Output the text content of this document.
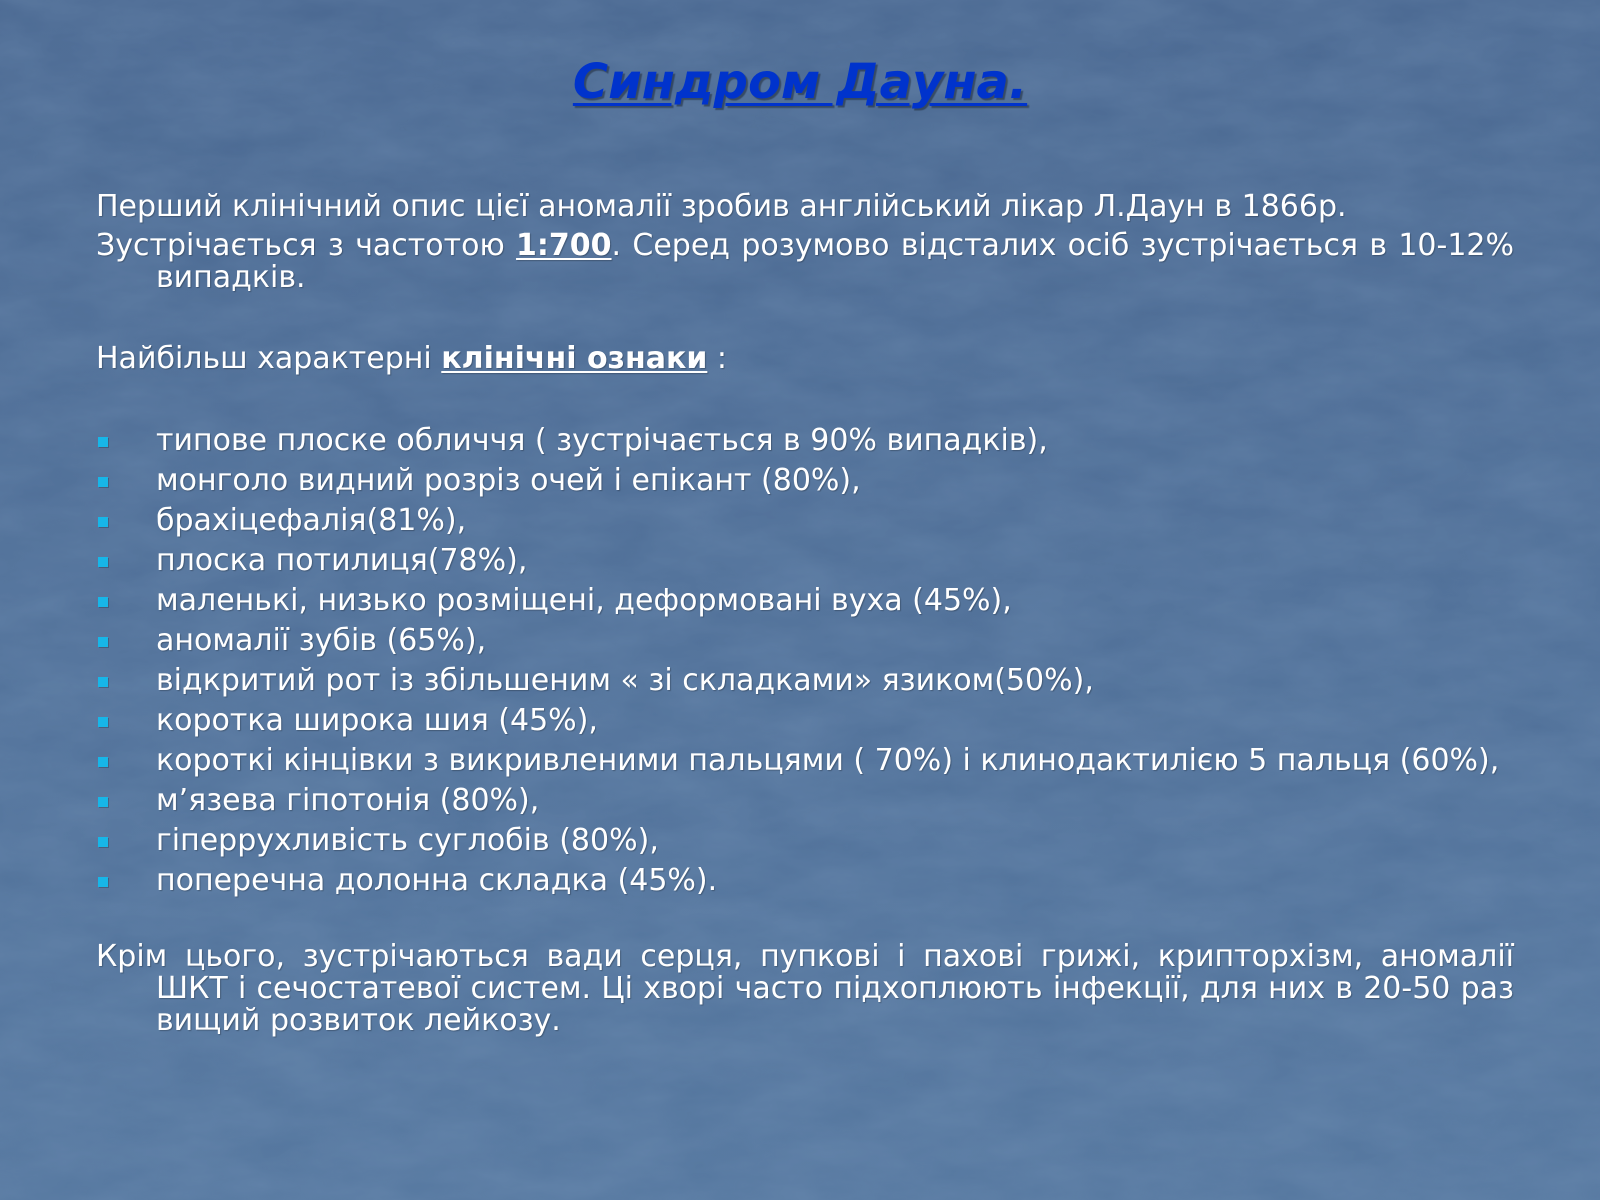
Синдром Дауна.
Перший клінічний опис цієї аномалії зробив англійський лікар Л.Даун в 1866р.
Зустрічається з частотою 1:700. Серед розумово відсталих осіб зустрічається в 10-12% випадків.
Найбільш характерні клінічні ознаки :
типове плоске обличчя ( зустрічається в 90% випадків),
монголо видний розріз очей і епікант (80%),
брахіцефалія(81%),
плоска потилиця(78%),
маленькі, низько розміщені, деформовані вуха (45%),
аномалії зубів (65%),
відкритий рот із збільшеним « зі складками» язиком(50%),
коротка широка шия (45%),
короткі кінцівки з викривленими пальцями ( 70%) і клинодактилією 5 пальця (60%),
м’язева гіпотонія (80%),
гіперрухливість суглобів (80%),
поперечна долонна складка (45%).
Крім цього, зустрічаються вади серця, пупкові і пахові грижі, крипторхізм, аномалії ШКТ і сечостатевої систем. Ці хворі часто підхоплюють інфекції, для них в 20-50 раз вищий розвиток лейкозу.
